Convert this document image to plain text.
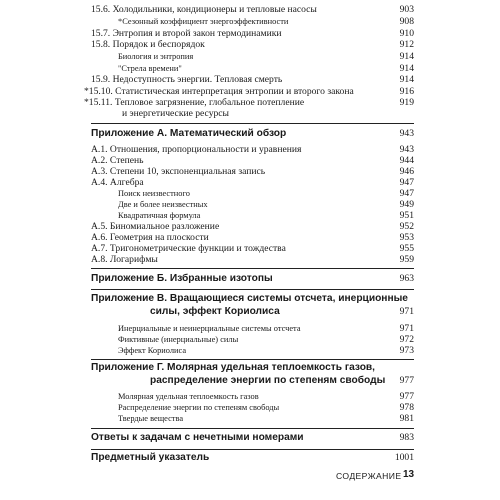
15.6. Холодильники, кондиционеры и тепловые насосы	903
*Сезонный коэффициент энергоэффективности	908
15.7. Энтропия и второй закон термодинамики	910
15.8. Порядок и беспорядок	912
Биология и энтропия	914
"Стрела времени"	914
15.9. Недоступность энергии. Тепловая смерть	914
*15.10. Статистическая интерпретация энтропии и второго закона	916
*15.11. Тепловое загрязнение, глобальное потепление	919
и энергетические ресурсы
Приложение А. Математический обзор	943
А.1. Отношения, пропорциональности и уравнения	943
А.2. Степень	944
А.3. Степени 10, экспоненциальная запись	946
А.4. Алгебра	947
Поиск неизвестного	947
Две и более неизвестных	949
Квадратичная формула	951
А.5. Биномиальное разложение	952
А.6. Геометрия на плоскости	953
А.7. Тригонометрические функции и тождества	955
А.8. Логарифмы	959
Приложение Б. Избранные изотопы	963
Приложение В. Вращающиеся системы отсчета, инерционные
силы, эффект Кориолиса	971
Инерциальные и неинерциальные системы отсчета	971
Фиктивные (инерциальные) силы	972
Эффект Кориолиса	973
Приложение Г. Молярная удельная теплоемкость газов,
распределение энергии по степеням свободы 977
Молярная удельная теплоемкость газов	977
Распределение энергии по степеням свободы	978
Твердые вещества	981
Ответы к задачам с нечетными номерами	983
Предметный указатель	1001
СОДЕРЖАНИЕ 13
